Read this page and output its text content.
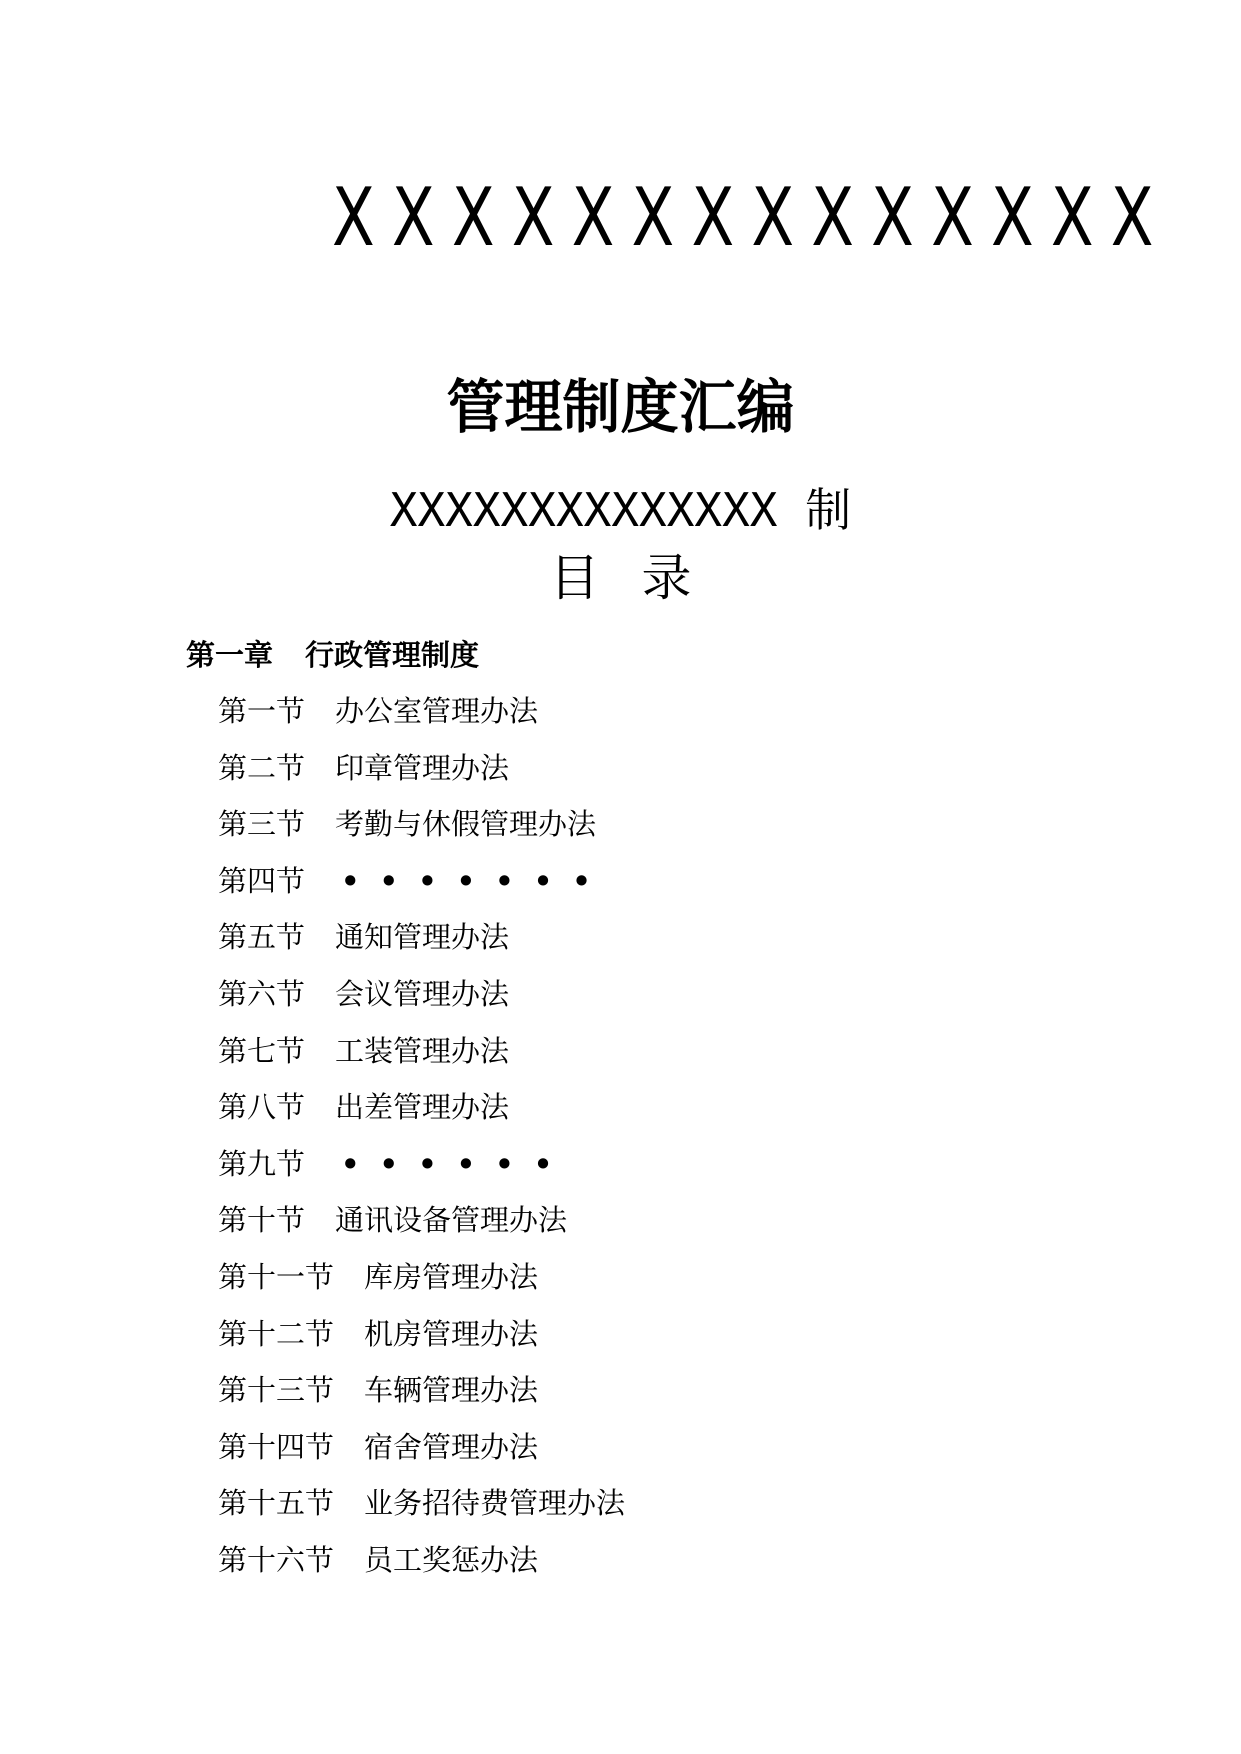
XXXXXXXXXXXXXX
管理制度汇编
XXXXXXXXXXXXXX 制
目录
第一章 行政管理制度
第一节 办公室管理办法
第二节 印章管理办法
第三节 考勤与休假管理办法
第四节 •••••••
第五节 通知管理办法
第六节 会议管理办法
第七节 工装管理办法
第八节 出差管理办法
第九节 ••••••
第十节 通讯设备管理办法
第十一节 库房管理办法
第十二节 机房管理办法
第十三节 车辆管理办法
第十四节 宿舍管理办法
第十五节 业务招待费管理办法
第十六节 员工奖惩办法
